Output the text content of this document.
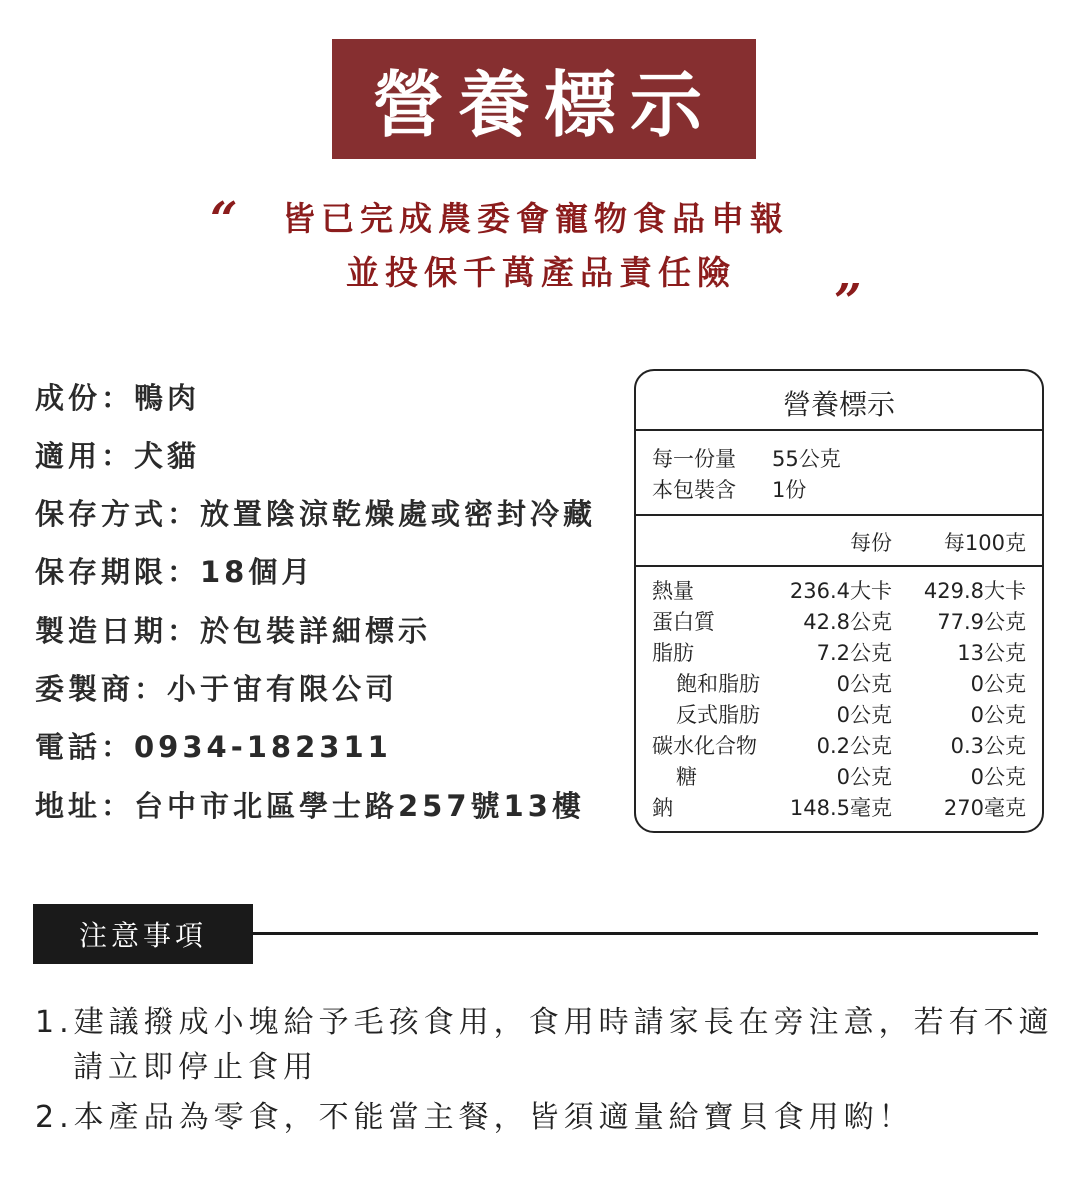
營養標示
“ 皆已完成農委會寵物食品申報
並投保千萬產品責任險
”
成份：鴨肉
適用：犬貓
保存方式：放置陰涼乾燥處或密封冷藏
保存期限：18個月
製造日期：於包裝詳細標示
委製商：小于宙有限公司
電話：0934-182311
地址：台中市北區學士路257號13樓
營養標示
每一份量 55公克
本包裝含 1份
每份 每100克
熱量	236.4大卡 429.8大卡
蛋白質	42.8公克 77.9公克
脂肪	7.2公克	13公克
飽和脂肪	0公克	0公克
反式脂肪	0公克	0公克
碳水化合物	0.2公克	0.3公克
糖	0公克	0公克
鈉	148.5毫克 270毫克
注意事項
1.建議撥成小塊給予毛孩食用，食用時請家長在旁注意，若有不適
請立即停止食用
2.本產品為零食，不能當主餐，皆須適量給寶貝食用喲！
